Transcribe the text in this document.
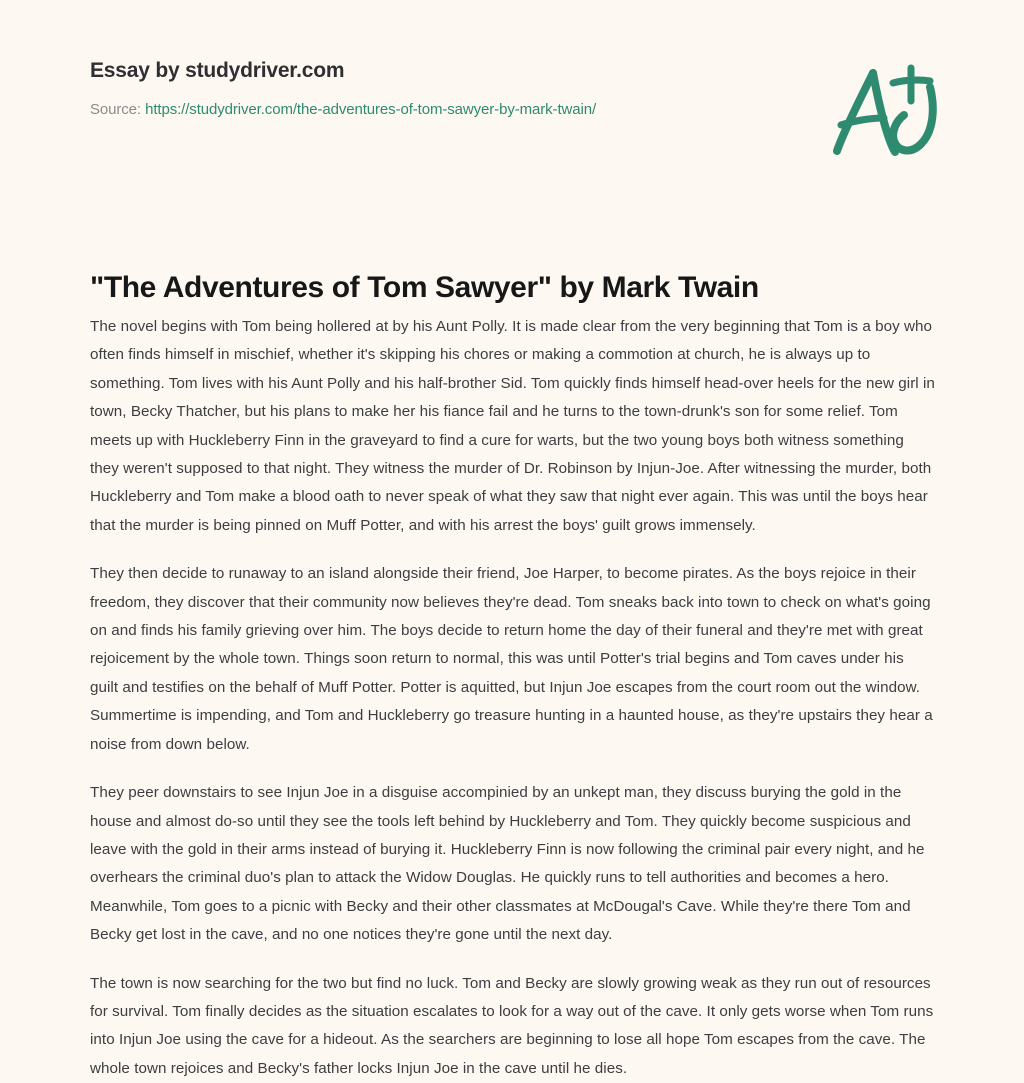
Essay by studydriver.com
Source: https://studydriver.com/the-adventures-of-tom-sawyer-by-mark-twain/
"The Adventures of Tom Sawyer" by Mark Twain

The novel begins with Tom being hollered at by his Aunt Polly. It is made clear from the very beginning that Tom is a boy who often finds himself in mischief, whether it's skipping his chores or making a commotion at church, he is always up to something. Tom lives with his Aunt Polly and his half-brother Sid. Tom quickly finds himself head-over heels for the new girl in town, Becky Thatcher, but his plans to make her his fiance fail and he turns to the town-drunk's son for some relief. Tom meets up with Huckleberry Finn in the graveyard to find a cure for warts, but the two young boys both witness something they weren't supposed to that night. They witness the murder of Dr. Robinson by Injun-Joe. After witnessing the murder, both Huckleberry and Tom make a blood oath to never speak of what they saw that night ever again. This was until the boys hear that the murder is being pinned on Muff Potter, and with his arrest the boys' guilt grows immensely.

They then decide to runaway to an island alongside their friend, Joe Harper, to become pirates. As the boys rejoice in their freedom, they discover that their community now believes they're dead. Tom sneaks back into town to check on what's going on and finds his family grieving over him. The boys decide to return home the day of their funeral and they're met with great rejoicement by the whole town. Things soon return to normal, this was until Potter's trial begins and Tom caves under his guilt and testifies on the behalf of Muff Potter. Potter is aquitted, but Injun Joe escapes from the court room out the window. Summertime is impending, and Tom and Huckleberry go treasure hunting in a haunted house, as they're upstairs they hear a noise from down below.

They peer downstairs to see Injun Joe in a disguise accompinied by an unkept man, they discuss burying the gold in the house and almost do-so until they see the tools left behind by Huckleberry and Tom. They quickly become suspicious and leave with the gold in their arms instead of burying it. Huckleberry Finn is now following the criminal pair every night, and he overhears the criminal duo's plan to attack the Widow Douglas. He quickly runs to tell authorities and becomes a hero. Meanwhile, Tom goes to a picnic with Becky and their other classmates at McDougal's Cave. While they're there Tom and Becky get lost in the cave, and no one notices they're gone until the next day.

The town is now searching for the two but find no luck. Tom and Becky are slowly growing weak as they run out of resources for survival. Tom finally decides as the situation escalates to look for a way out of the cave. It only gets worse when Tom runs into Injun Joe using the cave for a hideout. As the searchers are beginning to lose all hope Tom escapes from the cave. The whole town rejoices and Becky's father locks Injun Joe in the cave until he dies.
